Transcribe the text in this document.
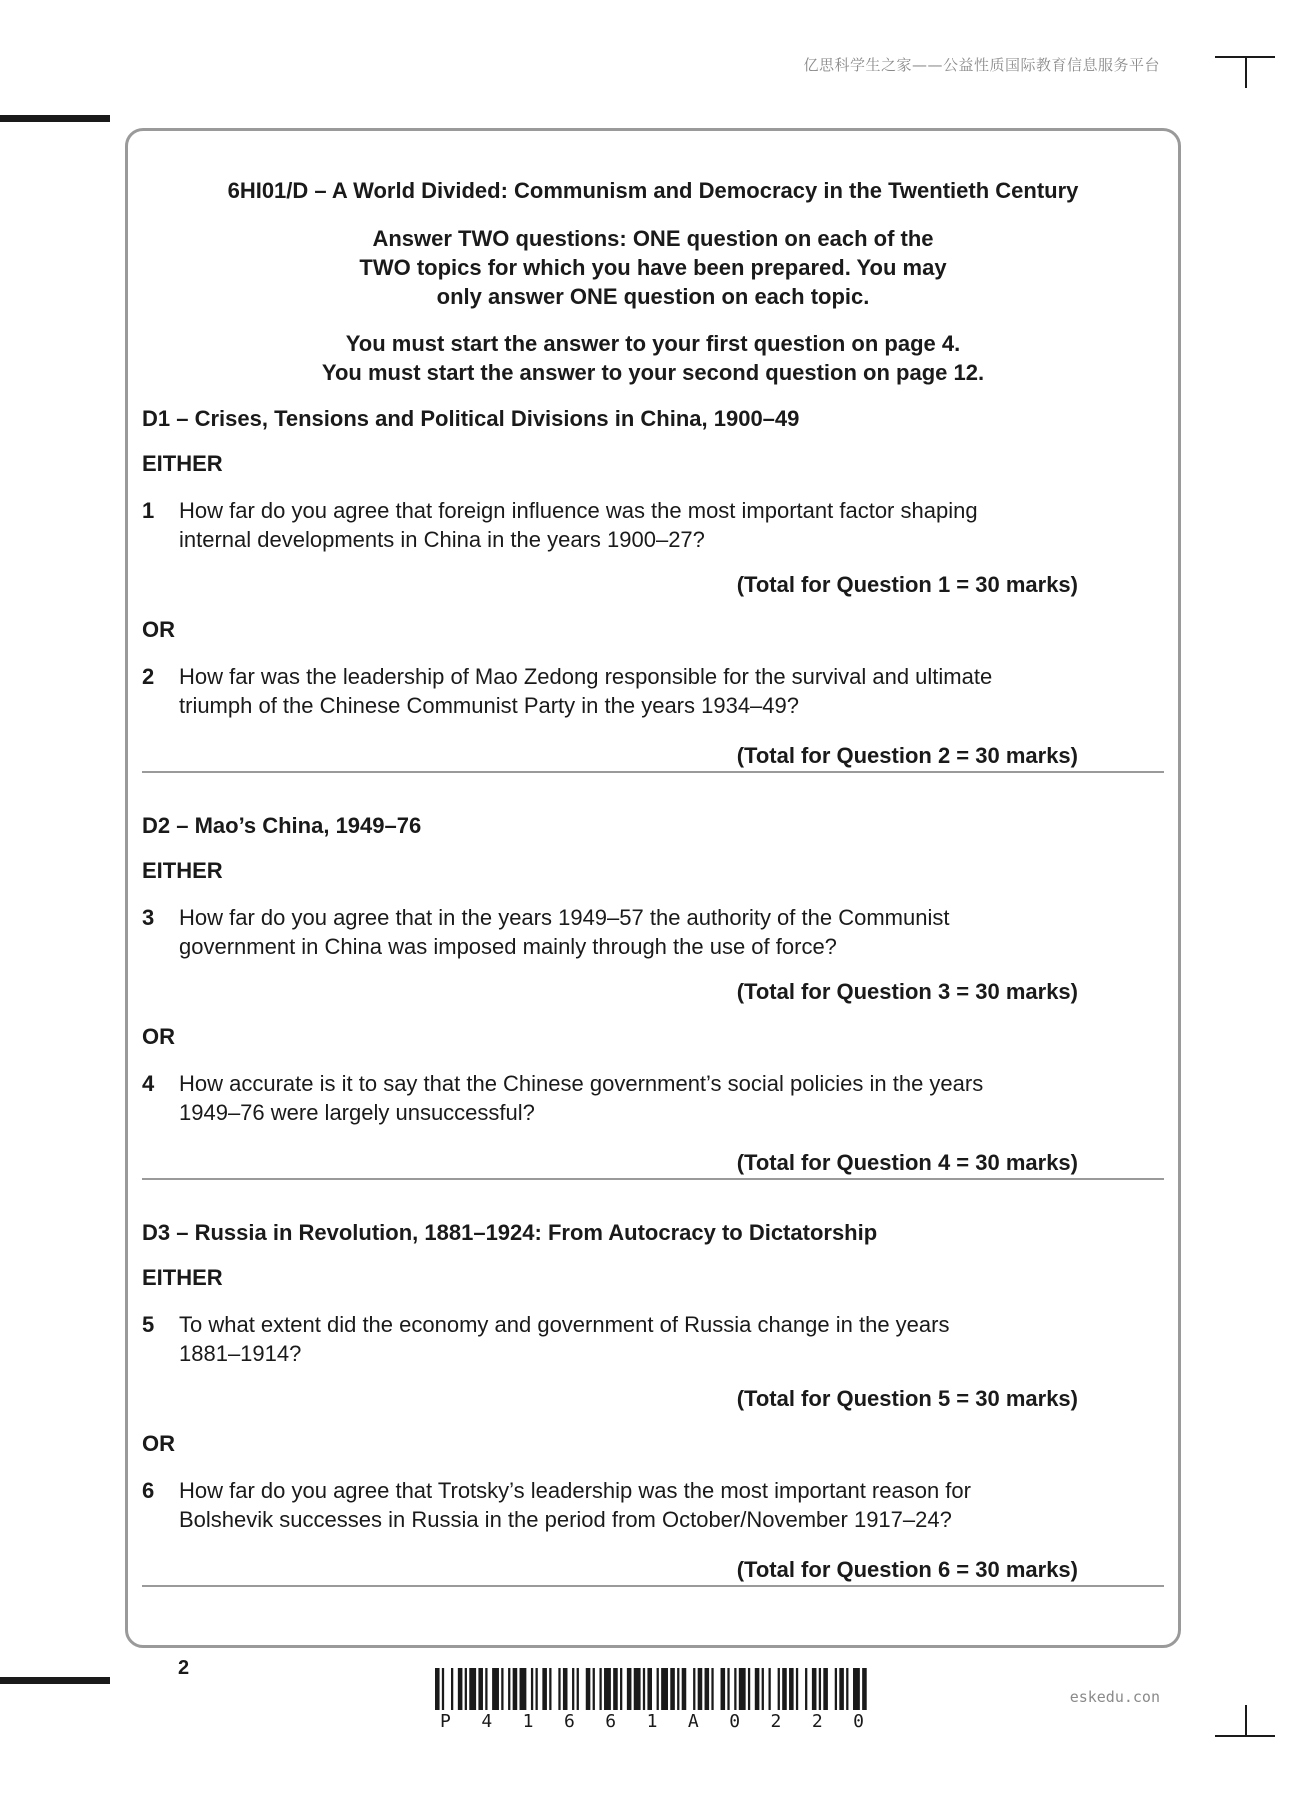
亿思科学生之家——公益性质国际教育信息服务平台
eskedu.con
6HI01/D – A World Divided: Communism and Democracy in the Twentieth Century
Answer TWO questions: ONE question on each of the TWO topics for which you have been prepared. You may only answer ONE question on each topic.
You must start the answer to your first question on page 4.
You must start the answer to your second question on page 12.
D1 – Crises, Tensions and Political Divisions in China, 1900–49
EITHER
1	How far do you agree that foreign influence was the most important factor shaping
internal developments in China in the years 1900–27?
(Total for Question 1 = 30 marks)
OR
2	How far was the leadership of Mao Zedong responsible for the survival and ultimate
triumph of the Chinese Communist Party in the years 1934–49?
(Total for Question 2 = 30 marks)
D2 – Mao’s China, 1949–76
EITHER
3	How far do you agree that in the years 1949–57 the authority of the Communist
government in China was imposed mainly through the use of force?
(Total for Question 3 = 30 marks)
OR
4	How accurate is it to say that the Chinese government’s social policies in the years
1949–76 were largely unsuccessful?
(Total for Question 4 = 30 marks)
D3 – Russia in Revolution, 1881–1924: From Autocracy to Dictatorship
EITHER
5	To what extent did the economy and government of Russia change in the years
1881–1914?
(Total for Question 5 = 30 marks)
OR
6	How far do you agree that Trotsky’s leadership was the most important reason for
Bolshevik successes in Russia in the period from October/November 1917–24?
(Total for Question 6 = 30 marks)
2
P 4 1 6 6 1 A 0 2 2 0
